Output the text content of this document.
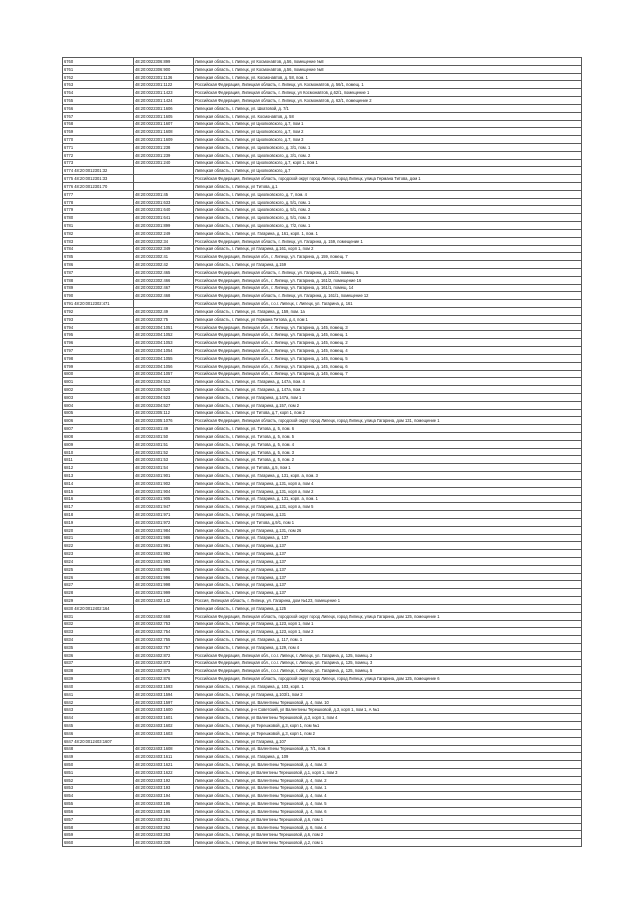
6760	48:20:0022306:899	Липецкая область, г. Липецк, ул Космонавтов, д.56, помещение №8
6761	48:20:0022306:900	Липецкая область, г. Липецк, ул Космонавтов, д.56, помещение №8
6762	48:20:0022301:1136	Липецкая область, г. Липецк, ул. Космонавтов, д. 58, пом. 1
6763	48:20:0022301:1122	Российская Федерация, Липецкая область, г. Липецк, ул. Космонавтов, д. 56/1, помещ. 1
6764	48:20:0022301:1423	Российская Федерация, Липецкая область, г. Липецк, ул Космонавтов, д.62/1, помещение 1
6765	48:20:0022301:1424	Российская Федерация, Липецкая область, г. Липецк, ул. Космонавтов, д. 62/1, помещение 2
6766	48:20:0022301:1606	Липецкая область, г. Липецк, ул. Шкатовой, д. 7/1
6767	48:20:0022301:1605	Липецкая область, г. Липецк, ул. Космонавтов, д. 58
6768	48:20:0022301:1607	Липецкая область, г. Липецк, ул Циолковского, д.7, пом 1
6769	48:20:0022301:1608	Липецкая область, г. Липецк, ул Циолковского, д.7, пом 2
6770	48:20:0022301:1609	Липецкая область, г. Липецк, ул Циолковского, д.7, пом 3
6771	48:20:0022301:238	Липецкая область, г. Липецк, ул. Циолковского, д. 3/1, пом. 1
6772	48:20:0022301:239	Липецкая область, г. Липецк, ул. Циолковского, д. 3/1, пом. 2
6773	48:20:0022301:240	Липецкая область, г. Липецк, ул Циолковского, д.7, корп 1, пом 1
6774 48:20:0012301:32		Липецкая область, г. Липецк, ул Циолковского, д.7
6775 48:20:0012301:33		Российская Федерация, Липецкая область, городской округ город Липецк, город Липецк, улица Германа Титова, дом 1
6776 48:20:0012301:70		Липецкая область, г. Липецк, ул Титова, д.1
6777	48:20:0022301:45	Липецкая область, г. Липецк, ул. Циолковского, д. 7, пом. 4
6778	48:20:0022301:633	Липецкая область, г. Липецк, ул. Циолковского, д. 5/1, пом. 1
6779	48:20:0022301:640	Липецкая область, г. Липецк, ул. Циолковского, д. 5/1, пом. 2
6780	48:20:0022301:641	Липецкая область, г. Липецк, ул. Циолковского, д. 5/1, пом. 3
6781	48:20:0022301:899	Липецкая область, г. Липецк, ул. Циолковского, д. 7/2, пом. 1
6782	48:20:0022302:249	Липецкая область, г. Липецк, ул. Гагарина, д. 161, корп. 1, пом. 1
6783	48:20:0022302:34	Российская Федерация, Липецкая область, г. Липецк, ул. Гагарина, д. 159, помещение 1
6784	48:20:0022302:349	Липецкая область, г. Липецк, ул Гагарина, д.161, корп 1, пом 2
6785	48:20:0022302:41	Российская Федерация, Липецкая обл., г. Липецк, ул. Гагарина, д. 159, помещ. 7
6786	48:20:0022302:42	Липецкая область, г. Липецк, ул Гагарина, д.159
6787	48:20:0022302:465	Российская Федерация, Липецкая область, г. Липецк, ул. Гагарина, д. 161/3, помещ. 5
6788	48:20:0022302:466	Российская Федерация, Липецкая обл., г. Липецк, ул. Гагарина, д. 161/2, помещение 16
6789	48:20:0022302:467	Российская Федерация, Липецкая обл., г. Липецк, ул. Гагарина, д. 161/1, помещ. 14
6790	48:20:0022302:468	Российская Федерация, Липецкая область, г. Липецк, ул. Гагарина, д. 161/1, помещение 12
6791 48:20:0012302:471		Российская Федерация, Липецкая обл., г.о.г. Липецк, г. Липецк, ул. Гагарина, д. 161
6792	48:20:0022302:49	Липецкая область, г. Липецк, ул. Гагарина, д. 159, пом. 1а
6793	48:20:0022302:75	Липецкая область, г. Липецк, ул Германа Титова, д.4, пом 1
6794	48:20:0022304:1051	Российская Федерация, Липецкая обл., г. Липецк, ул. Гагарина, д. 145, помещ. 3
6795	48:20:0022304:1052	Российская Федерация, Липецкая обл., г. Липецк, ул. Гагарина, д. 145, помещ. 1
6796	48:20:0022304:1053	Российская Федерация, Липецкая обл., г. Липецк, ул. Гагарина, д. 145, помещ. 2
6797	48:20:0022304:1054	Российская Федерация, Липецкая обл., г. Липецк, ул. Гагарина, д. 145, помещ. 4
6798	48:20:0022304:1055	Российская Федерация, Липецкая обл., г. Липецк, ул. Гагарина, д. 145, помещ. 5
6799	48:20:0022304:1056	Российская Федерация, Липецкая обл., г. Липецк, ул. Гагарина, д. 145, помещ. 6
6800	48:20:0022304:1057	Российская Федерация, Липецкая обл., г. Липецк, ул. Гагарина, д. 145, помещ. 7
6801	48:20:0022304:512	Липецкая область, г. Липецк, ул. Гагарина, д. 147а, пом. 4
6802	48:20:0022304:520	Липецкая область, г. Липецк, ул. Гагарина, д. 147а, пом. 2
6803	48:20:0022304:523	Липецкая область, г. Липецк, ул Гагарина, д.147а, пом 1
6804	48:20:0022304:527	Липецкая область, г. Липецк, ул Гагарина, д.157, пом 2
6805	48:20:0022305:112	Липецкая область, г. Липецк, ул Титова, д.7, корп 1, пом 2
6806	48:20:0022305:1076	Российская Федерация, Липецкая область, городской округ город Липецк, город Липецк, улица Гагарина, дом 131, помещение 1
6807	48:20:0022401:49	Липецкая область, г. Липецк, ул. Титова, д. 5, пом. 6
6808	48:20:0022401:50	Липецкая область, г. Липецк, ул. Титова, д. 5, пом. 5
6809	48:20:0022401:51	Липецкая область, г. Липецк, ул. Титова, д. 5, пом. 4
6810	48:20:0022401:52	Липецкая область, г. Липецк, ул. Титова, д. 5, пом. 3
6811	48:20:0022401:53	Липецкая область, г. Липецк, ул. Титова, д. 5, пом. 2
6812	48:20:0022401:54	Липецкая область, г. Липецк, ул Титова, д.5, пом 1
6813	48:20:0022401:901	Липецкая область, г. Липецк, ул. Гагарина, д. 131, корп. а, пом. 3
6814	48:20:0022401:902	Липецкая область, г. Липецк, ул Гагарина, д.131, корп а, пом 4
6815	48:20:0022401:904	Липецкая область, г. Липецк, ул Гагарина, д.131, корп а, пом 2
6816	48:20:0022401:905	Липецкая область, г. Липецк, ул. Гагарина, д. 131, корп. а, пом. 1
6817	48:20:0022401:947	Липецкая область, г. Липецк, ул Гагарина, д.131, корп а, пом 5
6818	48:20:0022401:971	Липецкая область, г. Липецк, ул Гагарина, д.131
6819	48:20:0022401:972	Липецкая область, г. Липецк, ул Титова, д.9/1, пом 1
6820	48:20:0022401:984	Липецкая область, г. Липецк, ул Гагарина, д.131, пом 26
6821	48:20:0022401:986	Липецкая область, г. Липецк, ул. Гагарина, д. 137
6822	48:20:0022401:991	Липецкая область, г. Липецк, ул Гагарина, д.137
6823	48:20:0022401:992	Липецкая область, г. Липецк, ул Гагарина, д.137
6824	48:20:0022401:993	Липецкая область, г. Липецк, ул Гагарина, д.137
6825	48:20:0022401:995	Липецкая область, г. Липецк, ул Гагарина, д.137
6826	48:20:0022401:996	Липецкая область, г. Липецк, ул Гагарина, д.137
6827	48:20:0022401:998	Липецкая область, г. Липецк, ул Гагарина, д.137
6828	48:20:0022401:999	Липецкая область, г. Липецк, ул Гагарина, д.137
6829	48:20:0022402:142	Россия, Липецкая область, г. Липецк, ул. Гагарина, дом №123, помещение 1
6830 48:20:0012402:164		Липецкая область, г. Липецк, ул Гагарина, д.125
6831	48:20:0022402:668	Российская Федерация, Липецкая область, городской округ город Липецк, город Липецк, улица Гагарина, дом 125, помещение 1
6832	48:20:0022402:753	Липецкая область, г. Липецк, ул Гагарина, д.123, корп 1, пом 1
6833	48:20:0022402:754	Липецкая область, г. Липецк, ул Гагарина, д.123, корп 1, пом 2
6834	48:20:0022402:755	Липецкая область, г. Липецк, ул. Гагарина, д. 117, пом. 1
6835	48:20:0022402:757	Липецкая область, г. Липецк, ул Гагарина, д.129, пом 4
6836	48:20:0022402:872	Российская Федерация, Липецкая обл., г.о.г. Липецк, г. Липецк, ул. Гагарина, д. 125, помещ. 2
6837	48:20:0022402:873	Российская Федерация, Липецкая обл., г.о.г. Липецк, г. Липецк, ул. Гагарина, д. 125, помещ. 3
6838	48:20:0022402:875	Российская Федерация, Липецкая обл., г.о.г. Липецк, г. Липецк, ул. Гагарина, д. 125, помещ. 5
6839	48:20:0022402:876	Российская Федерация, Липецкая область, городской округ город Липецк, город Липецк, улица Гагарина, дом 125, помещение 6
6840	48:20:0022403:1593	Липецкая область, г. Липецк, ул. Гагарина, д. 103, корп. 1
6841	48:20:0022403:1594	Липецкая область, г. Липецк, ул Гагарина, д.103/1, пом 2
6842	48:20:0022403:1597	Липецкая область, г. Липецк, ул. Валентины Терешковой, д. 4, пом. 10
6843	48:20:0022403:1600	Липецкая область, г. Липецк, р-н Советский, ул Валентины Терешковой, д.3, корп 1, пом 1, А №1
6844	48:20:0022403:1601	Липецкая область, г. Липецк, ул Валентины Терешковой, д.3, корп 1, пом 4
6845	48:20:0022403:1602	Липецкая область, г. Липецк, ул Терешковой, д.3, корп 1, пом №1
6846	48:20:0022403:1603	Липецкая область, г. Липецк, ул Терешковой, д.3, корп 1, пом 2
6847 48:20:0012403:1607		Липецкая область, г. Липецк, ул Гагарина, д.107
6848	48:20:0022403:1608	Липецкая область, г. Липецк, ул. Валентины Терешковой, д. 7/1, пом. 8
6849	48:20:0022403:1611	Липецкая область, г. Липецк, ул. Гагарина, д. 109
6850	48:20:0022403:1621	Липецкая область, г. Липецк, ул. Валентины Терешковой, д. 4, пом. 3
6851	48:20:0022403:1622	Липецкая область, г. Липецк, ул Валентины Терешковой, д.1, корп 1, пом 3
6852	48:20:0022403:192	Липецкая область, г. Липецк, ул. Валентины Терешковой, д. 4, пом. 2
6853	48:20:0022403:193	Липецкая область, г. Липецк, ул. Валентины Терешковой, д. 4, пом. 1
6854	48:20:0022403:194	Липецкая область, г. Липецк, ул. Валентины Терешковой, д. 4, пом. 4
6855	48:20:0022403:195	Липецкая область, г. Липецк, ул. Валентины Терешковой, д. 4, пом. 5
6856	48:20:0022403:196	Липецкая область, г. Липецк, ул. Валентины Терешковой, д. 4, пом. 6
6857	48:20:0022403:261	Липецкая область, г. Липецк, ул Валентины Терешковой, д.6, пом 1
6858	48:20:0022403:262	Липецкая область, г. Липецк, ул. Валентины Терешковой, д. 6, пом. 4
6859	48:20:0022403:263	Липецкая область, г. Липецк, ул Валентины Терешковой, д.6, пом 2
6860	48:20:0022403:328	Липецкая область, г. Липецк, ул Валентины Терешковой, д.2, пом 1
